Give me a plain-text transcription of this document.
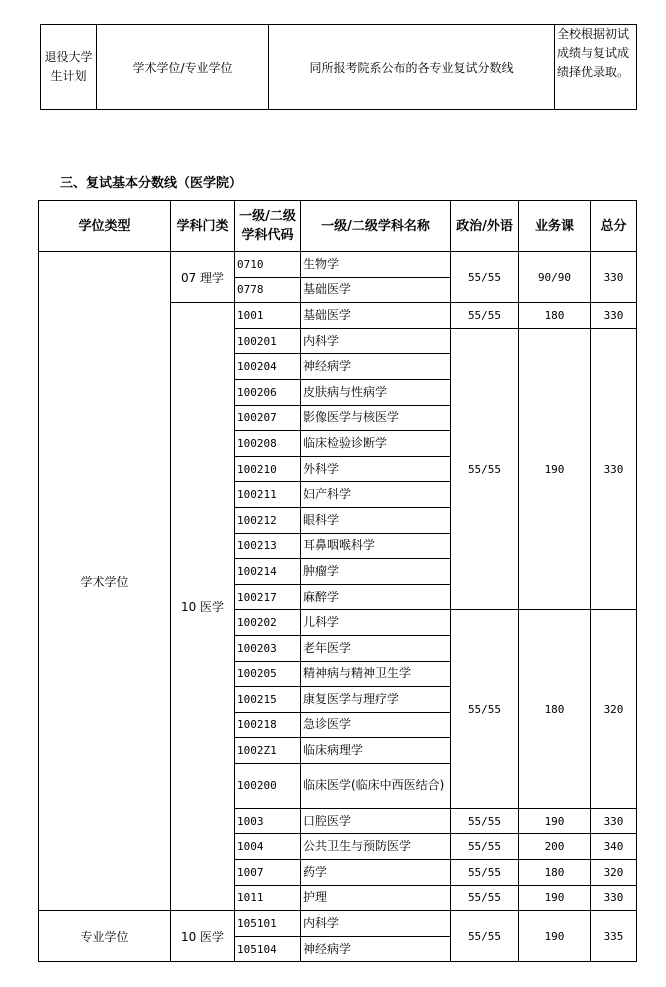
退役大学生计划	学术学位/专业学位	同所报考院系公布的各专业复试分数线	全校根据初试成绩与复试成绩择优录取。
三、复试基本分数线（医学院）
学位类型	学科门类	一级/二级学科代码	一级/二级学科名称	政治/外语	业务课	总分
学术学位	07 理学	0710	生物学	55/55	90/90	330
		0778	基础医学			
	10 医学	1001	基础医学	55/55	180	330
		100201	内科学	55/55	190	330
		100204	神经病学			
		100206	皮肤病与性病学			
		100207	影像医学与核医学			
		100208	临床检验诊断学			
		100210	外科学			
		100211	妇产科学			
		100212	眼科学			
		100213	耳鼻咽喉科学			
		100214	肿瘤学			
		100217	麻醉学			
		100202	儿科学	55/55	180	320
		100203	老年医学			
		100205	精神病与精神卫生学			
		100215	康复医学与理疗学			
		100218	急诊医学			
		1002Z1	临床病理学			
		100200	临床医学(临床中西医结合)			
		1003	口腔医学	55/55	190	330
		1004	公共卫生与预防医学	55/55	200	340
		1007	药学	55/55	180	320
		1011	护理	55/55	190	330
专业学位	10 医学	105101	内科学	55/55	190	335
		105104	神经病学			
